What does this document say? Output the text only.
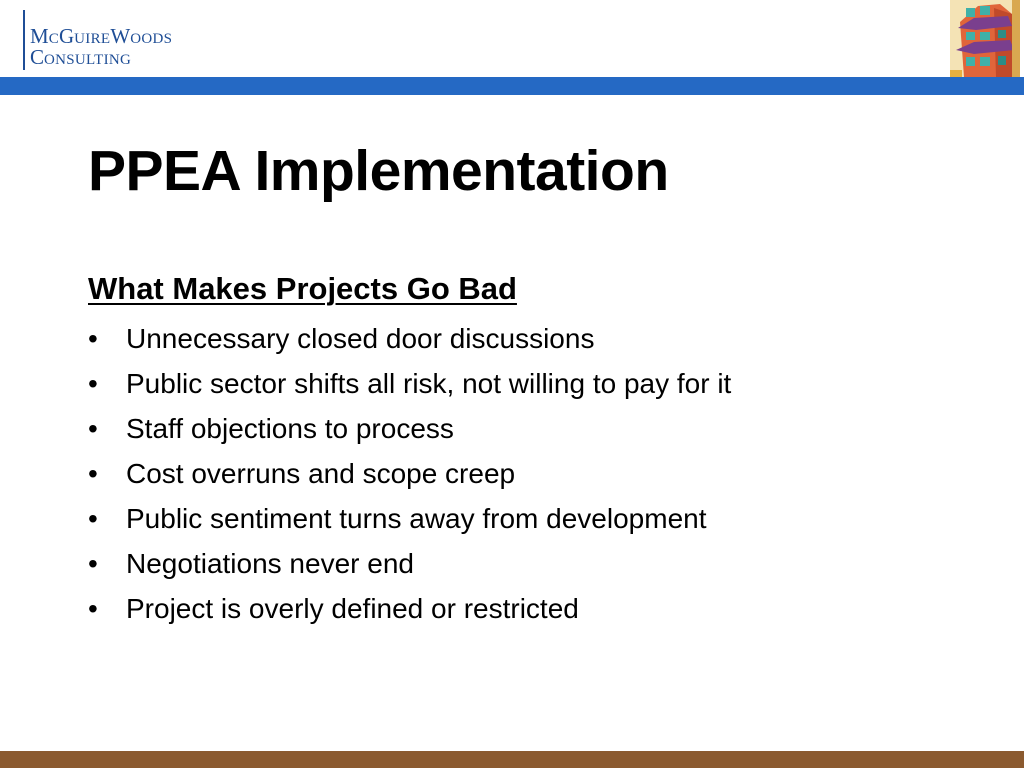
MCGUIREWOODS
CONSULTING
PPEA Implementation
What Makes Projects Go Bad
• Unnecessary closed door discussions
• Public sector shifts all risk, not willing to pay for it
• Staff objections to process
• Cost overruns and scope creep
• Public sentiment turns away from development
• Negotiations never end
• Project is overly defined or restricted
